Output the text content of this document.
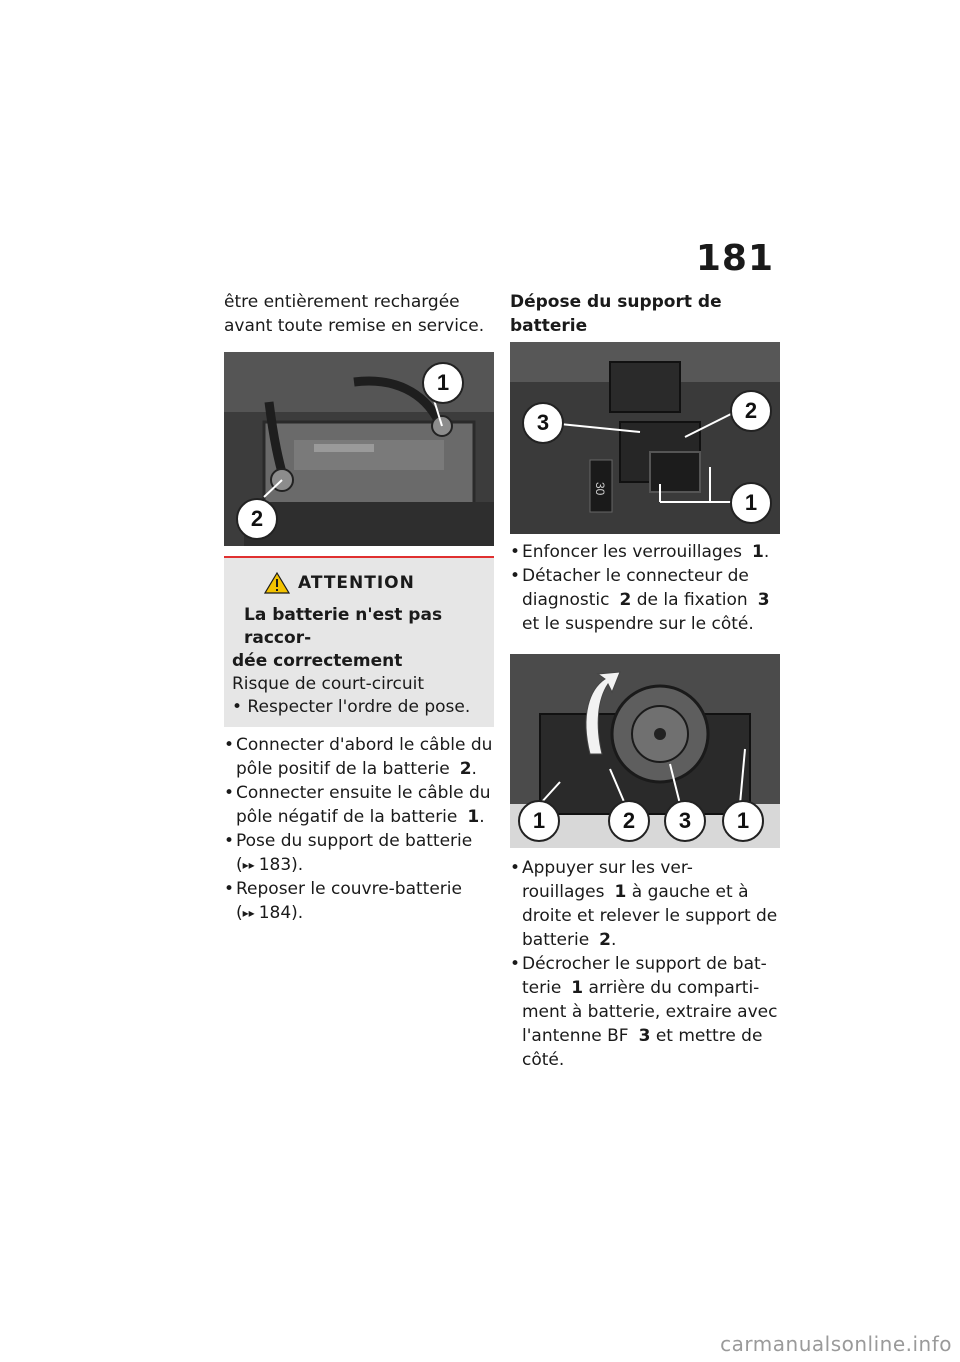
181

être entièrement rechargée

avant toute remise en service.

1
2
ATTENTION
La batterie n'est pas raccor-
dée correctement
Risque de court-circuit
• Respecter l'ordre de pose.
• Connecter d'abord le câble du
pôle positif de la batterie 2.
• Connecter ensuite le câble du
pôle négatif de la batterie 1.
• Pose du support de batterie
(▸▸ 183).
• Reposer le couvre-batterie
(▸▸ 184).

Dépose du support de

batterie

30
3	2
1
• Enfoncer les verrouillages 1.
• Détacher le connecteur de
diagnostic 2 de la fixation 3
et le suspendre sur le côté.
1	2	3	1
• Appuyer sur les ver-
rouillages 1 à gauche et à
droite et relever le support de
batterie 2.
• Décrocher le support de bat-
terie 1 arrière du comparti-
ment à batterie, extraire avec
l'antenne BF 3 et mettre de
côté.
carmanualsonline.info
